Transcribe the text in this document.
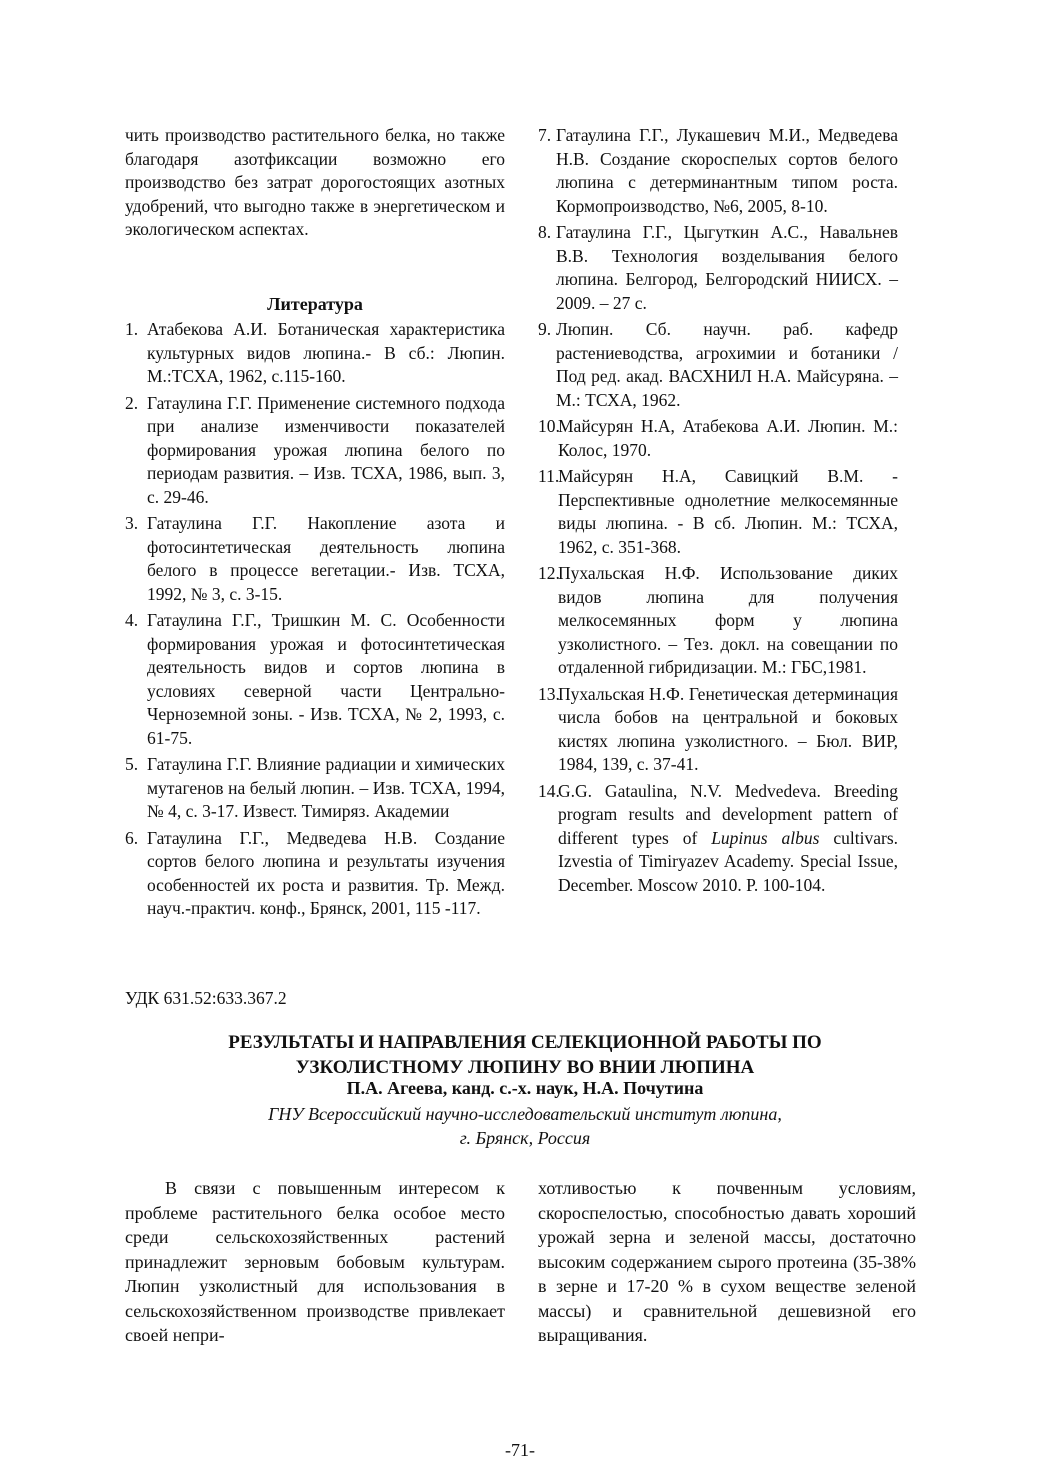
чить производство растительного белка, но также благодаря азотфиксации возможно его производство без затрат дорогостоящих азотных удобрений, что выгодно также в энергетическом и экологическом аспектах.

Литература
1. Атабекова А.И. Ботаническая характеристика культурных видов люпина.- В сб.: Люпин. М.:ТСХА, 1962, с.115-160.
2. Гатаулина Г.Г. Применение системного подхода при анализе изменчивости показателей формирования урожая люпина белого по периодам развития. – Изв. ТСХА, 1986, вып. 3, с. 29-46.
3. Гатаулина Г.Г. Накопление азота и фотосинтетическая деятельность люпина белого в процессе вегетации.- Изв. ТСХА, 1992, № 3, с. 3-15.
4. Гатаулина Г.Г., Тришкин М. С. Особенности формирования урожая и фотосинтетическая деятельность видов и сортов люпина в условиях северной части Центрально-Черноземной зоны. - Изв. ТСХА, № 2, 1993, с. 61-75.
5. Гатаулина Г.Г. Влияние радиации и химических мутагенов на белый люпин. – Изв. ТСХА, 1994, № 4, с. 3-17. Извест. Тимиряз. Академии
6. Гатаулина Г.Г., Медведева Н.В. Создание сортов белого люпина и результаты изучения особенностей их роста и развития. Тр. Межд. науч.-практич. конф., Брянск, 2001, 115 -117.
7. Гатаулина Г.Г., Лукашевич М.И., Медведева Н.В. Создание скороспелых сортов белого люпина с детерминантным типом роста. Кормопроизводство, №6, 2005, 8-10.
8. Гатаулина Г.Г., Цыгуткин А.С., Навальнев В.В. Технология возделывания белого люпина. Белгород, Белгородский НИИСХ. – 2009. – 27 с.
9. Люпин. Сб. научн. раб. кафедр растениеводства, агрохимии и ботаники / Под ред. акад. ВАСХНИЛ Н.А. Майсуряна. – М.: ТСХА, 1962.
10.
Майсурян Н.А, Атабекова А.И. Люпин. М.: Колос, 1970.
11.
Майсурян Н.А, Савицкий В.М. - Перспективные однолетние мелкосемянные виды люпина. - В сб. Люпин. М.: ТСХА, 1962, с. 351-368.
12.
Пухальская Н.Ф. Использование диких видов люпина для получения мелкосемянных форм у люпина узколистного. – Тез. докл. на совещании по отдаленной гибридизации. М.: ГБС,1981.
13.
Пухальская Н.Ф. Генетическая детерминация числа бобов на центральной и боковых кистях люпина узколистного. – Бюл. ВИР, 1984, 139, с. 37-41.
14.
G.G. Gataulina, N.V. Medvedeva. Breeding program results and development pattern of different types of Lupinus albus cultivars. Izvestia of Timiryazev Academy. Special Issue, December. Moscow 2010. P. 100-104.
УДК 631.52:633.367.2
РЕЗУЛЬТАТЫ И НАПРАВЛЕНИЯ СЕЛЕКЦИОННОЙ РАБОТЫ ПО
УЗКОЛИСТНОМУ ЛЮПИНУ ВО ВНИИ ЛЮПИНА
П.А. Агеева, канд. с.-х. наук, Н.А. Почутина
ГНУ Всероссийский научно-исследовательский институт люпина,
г. Брянск, Россия

В связи с повышенным интересом к проблеме растительного белка особое место среди сельскохозяйственных растений принадлежит зерновым бобовым культурам. Люпин узколистный для использования в сельскохозяйственном производстве привлекает своей непри-

хотливостью к почвенным условиям, скороспелостью, способностью давать хороший урожай зерна и зеленой массы, достаточно высоким содержанием сырого протеина (35-38% в зерне и 17-20 % в сухом веществе зеленой массы) и сравнительной дешевизной его выращивания.

-71-
